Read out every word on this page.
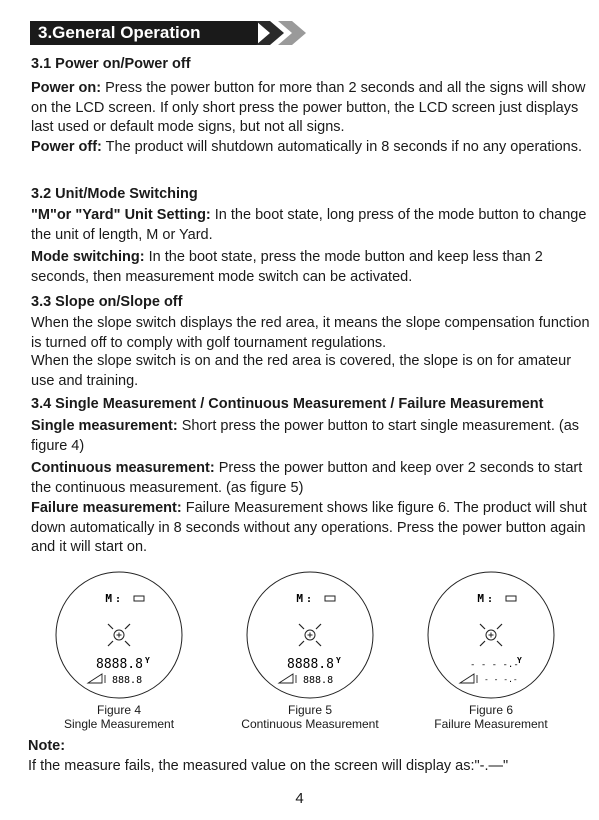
3.General Operation
3.1 Power on/Power off
Power on: Press the power button for more than 2 seconds and all the signs will show on the LCD screen. If only short press the power button, the LCD screen just displays last used or default mode signs, but not all signs.
Power off: The product will shutdown automatically in 8 seconds if no any operations.
3.2 Unit/Mode Switching
"M"or "Yard" Unit Setting: In the boot state, long press of the mode button to change the unit of length, M or Yard.
Mode switching: In the boot state, press the mode button and keep less than 2 seconds, then measurement mode switch can be activated.
3.3 Slope on/Slope off
When the slope switch displays the red area, it means the slope compensation function is turned off to comply with golf tournament regulations.
When the slope switch is on and the red area is covered, the slope is on for amateur use and training.
3.4 Single Measurement / Continuous Measurement / Failure Measurement
Single measurement: Short press the power button to start single measurement. (as figure 4)
Continuous measurement: Press the power button and keep over 2 seconds to start the continuous measurement. (as figure 5)
Failure measurement: Failure Measurement shows like figure 6. The product will shut down automatically in 8 seconds without any operations. Press the power button again and it will start on.
M :
8888.8 Y
888.8
Figure 4
Single Measurement
M :
8888.8 Y
888.8
Figure 5
Continuous Measurement
M :
- - - -.-
Y
- - -.-
Figure 6
Failure Measurement
Note:
If the measure fails, the measured value on the screen will display as:"-.—"
4
